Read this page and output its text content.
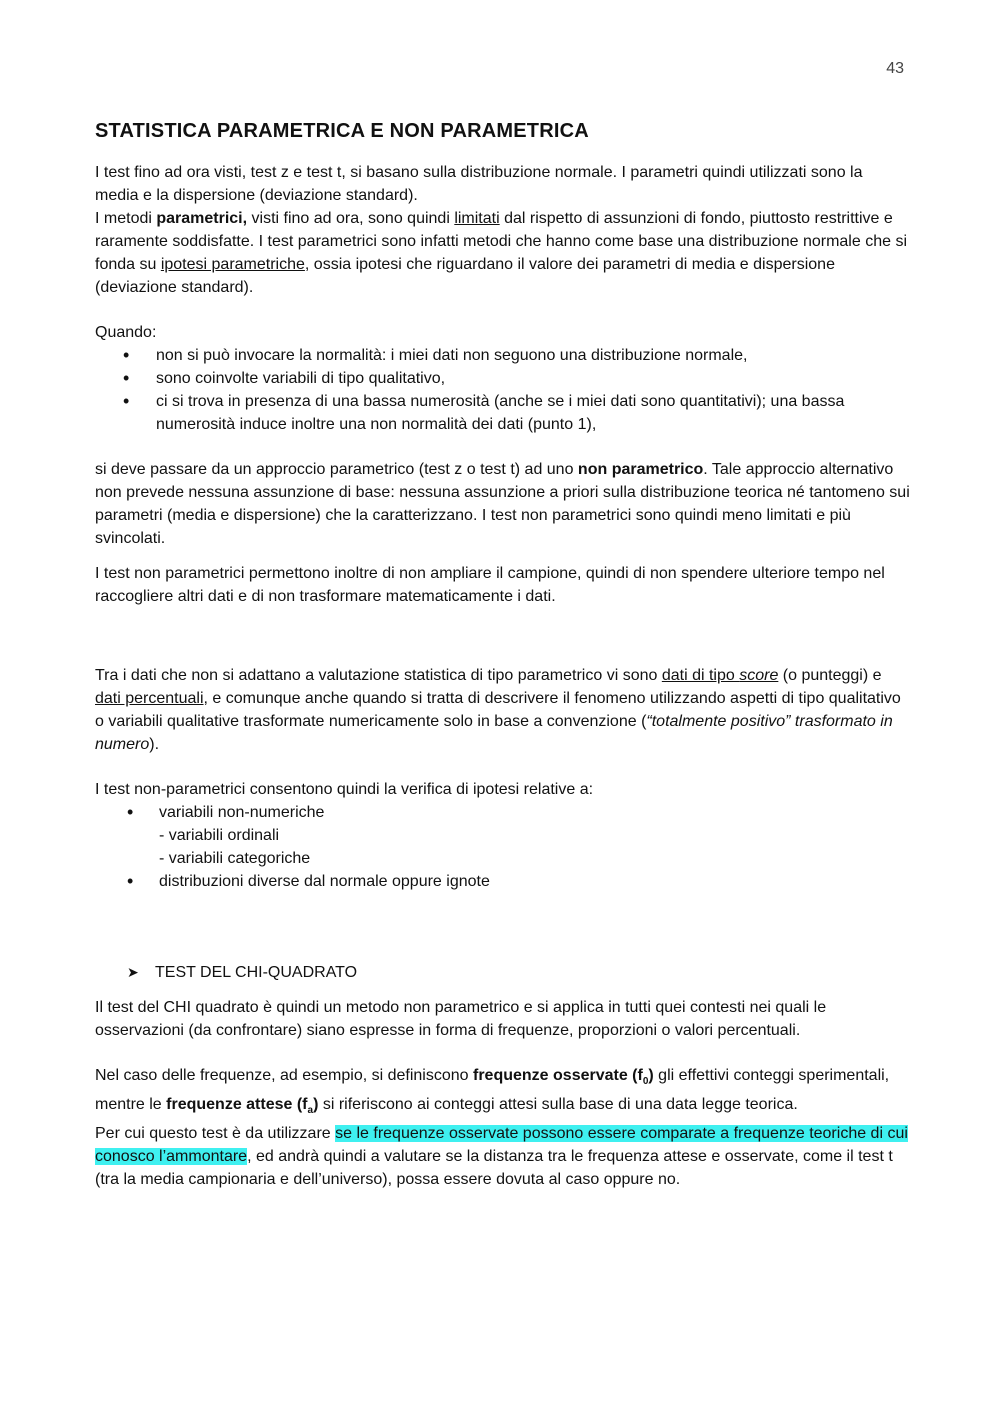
43
STATISTICA PARAMETRICA E NON PARAMETRICA

I test fino ad ora visti, test z e test t, si basano sulla distribuzione normale. I parametri quindi utilizzati sono la media e la dispersione (deviazione standard).
I metodi parametrici, visti fino ad ora, sono quindi limitati dal rispetto di assunzioni di fondo, piuttosto restrittive e raramente soddisfatte. I test parametrici sono infatti metodi che hanno come base una distribuzione normale che si fonda su ipotesi parametriche, ossia ipotesi che riguardano il valore dei parametri di media e dispersione (deviazione standard).

Quando:

• non si può invocare la normalità: i miei dati non seguono una distribuzione normale,
• sono coinvolte variabili di tipo qualitativo,
• ci si trova in presenza di una bassa numerosità (anche se i miei dati sono quantitativi); una bassa numerosità induce inoltre una non normalità dei dati (punto 1),

si deve passare da un approccio parametrico (test z o test t) ad uno non parametrico. Tale approccio alternativo non prevede nessuna assunzione di base: nessuna assunzione a priori sulla distribuzione teorica né tantomeno sui parametri (media e dispersione) che la caratterizzano. I test non parametrici sono quindi meno limitati e più svincolati.

I test non parametrici permettono inoltre di non ampliare il campione, quindi di non spendere ulteriore tempo nel raccogliere altri dati e di non trasformare matematicamente i dati.

Tra i dati che non si adattano a valutazione statistica di tipo parametrico vi sono dati di tipo score (o punteggi) e dati percentuali, e comunque anche quando si tratta di descrivere il fenomeno utilizzando aspetti di tipo qualitativo o variabili qualitative trasformate numericamente solo in base a convenzione (“totalmente positivo” trasformato in numero).

I test non-parametrici consentono quindi la verifica di ipotesi relative a:

• variabili non-numeriche
- variabili ordinali
- variabili categoriche
• distribuzioni diverse dal normale oppure ignote
➤	TEST DEL CHI-QUADRATO

Il test del CHI quadrato è quindi un metodo non parametrico e si applica in tutti quei contesti nei quali le osservazioni (da confrontare) siano espresse in forma di frequenze, proporzioni o valori percentuali.

Nel caso delle frequenze, ad esempio, si definiscono frequenze osservate $(f_0)$ gli effettivi conteggi sperimentali, mentre le frequenze attese $(f_a)$ si riferiscono ai conteggi attesi sulla base di una data legge teorica.
Per cui questo test è da utilizzare se le frequenze osservate possono essere comparate a frequenze teoriche di cui conosco l’ammontare, ed andrà quindi a valutare se la distanza tra le frequenza attese e osservate, come il test t (tra la media campionaria e dell’universo), possa essere dovuta al caso oppure no.
